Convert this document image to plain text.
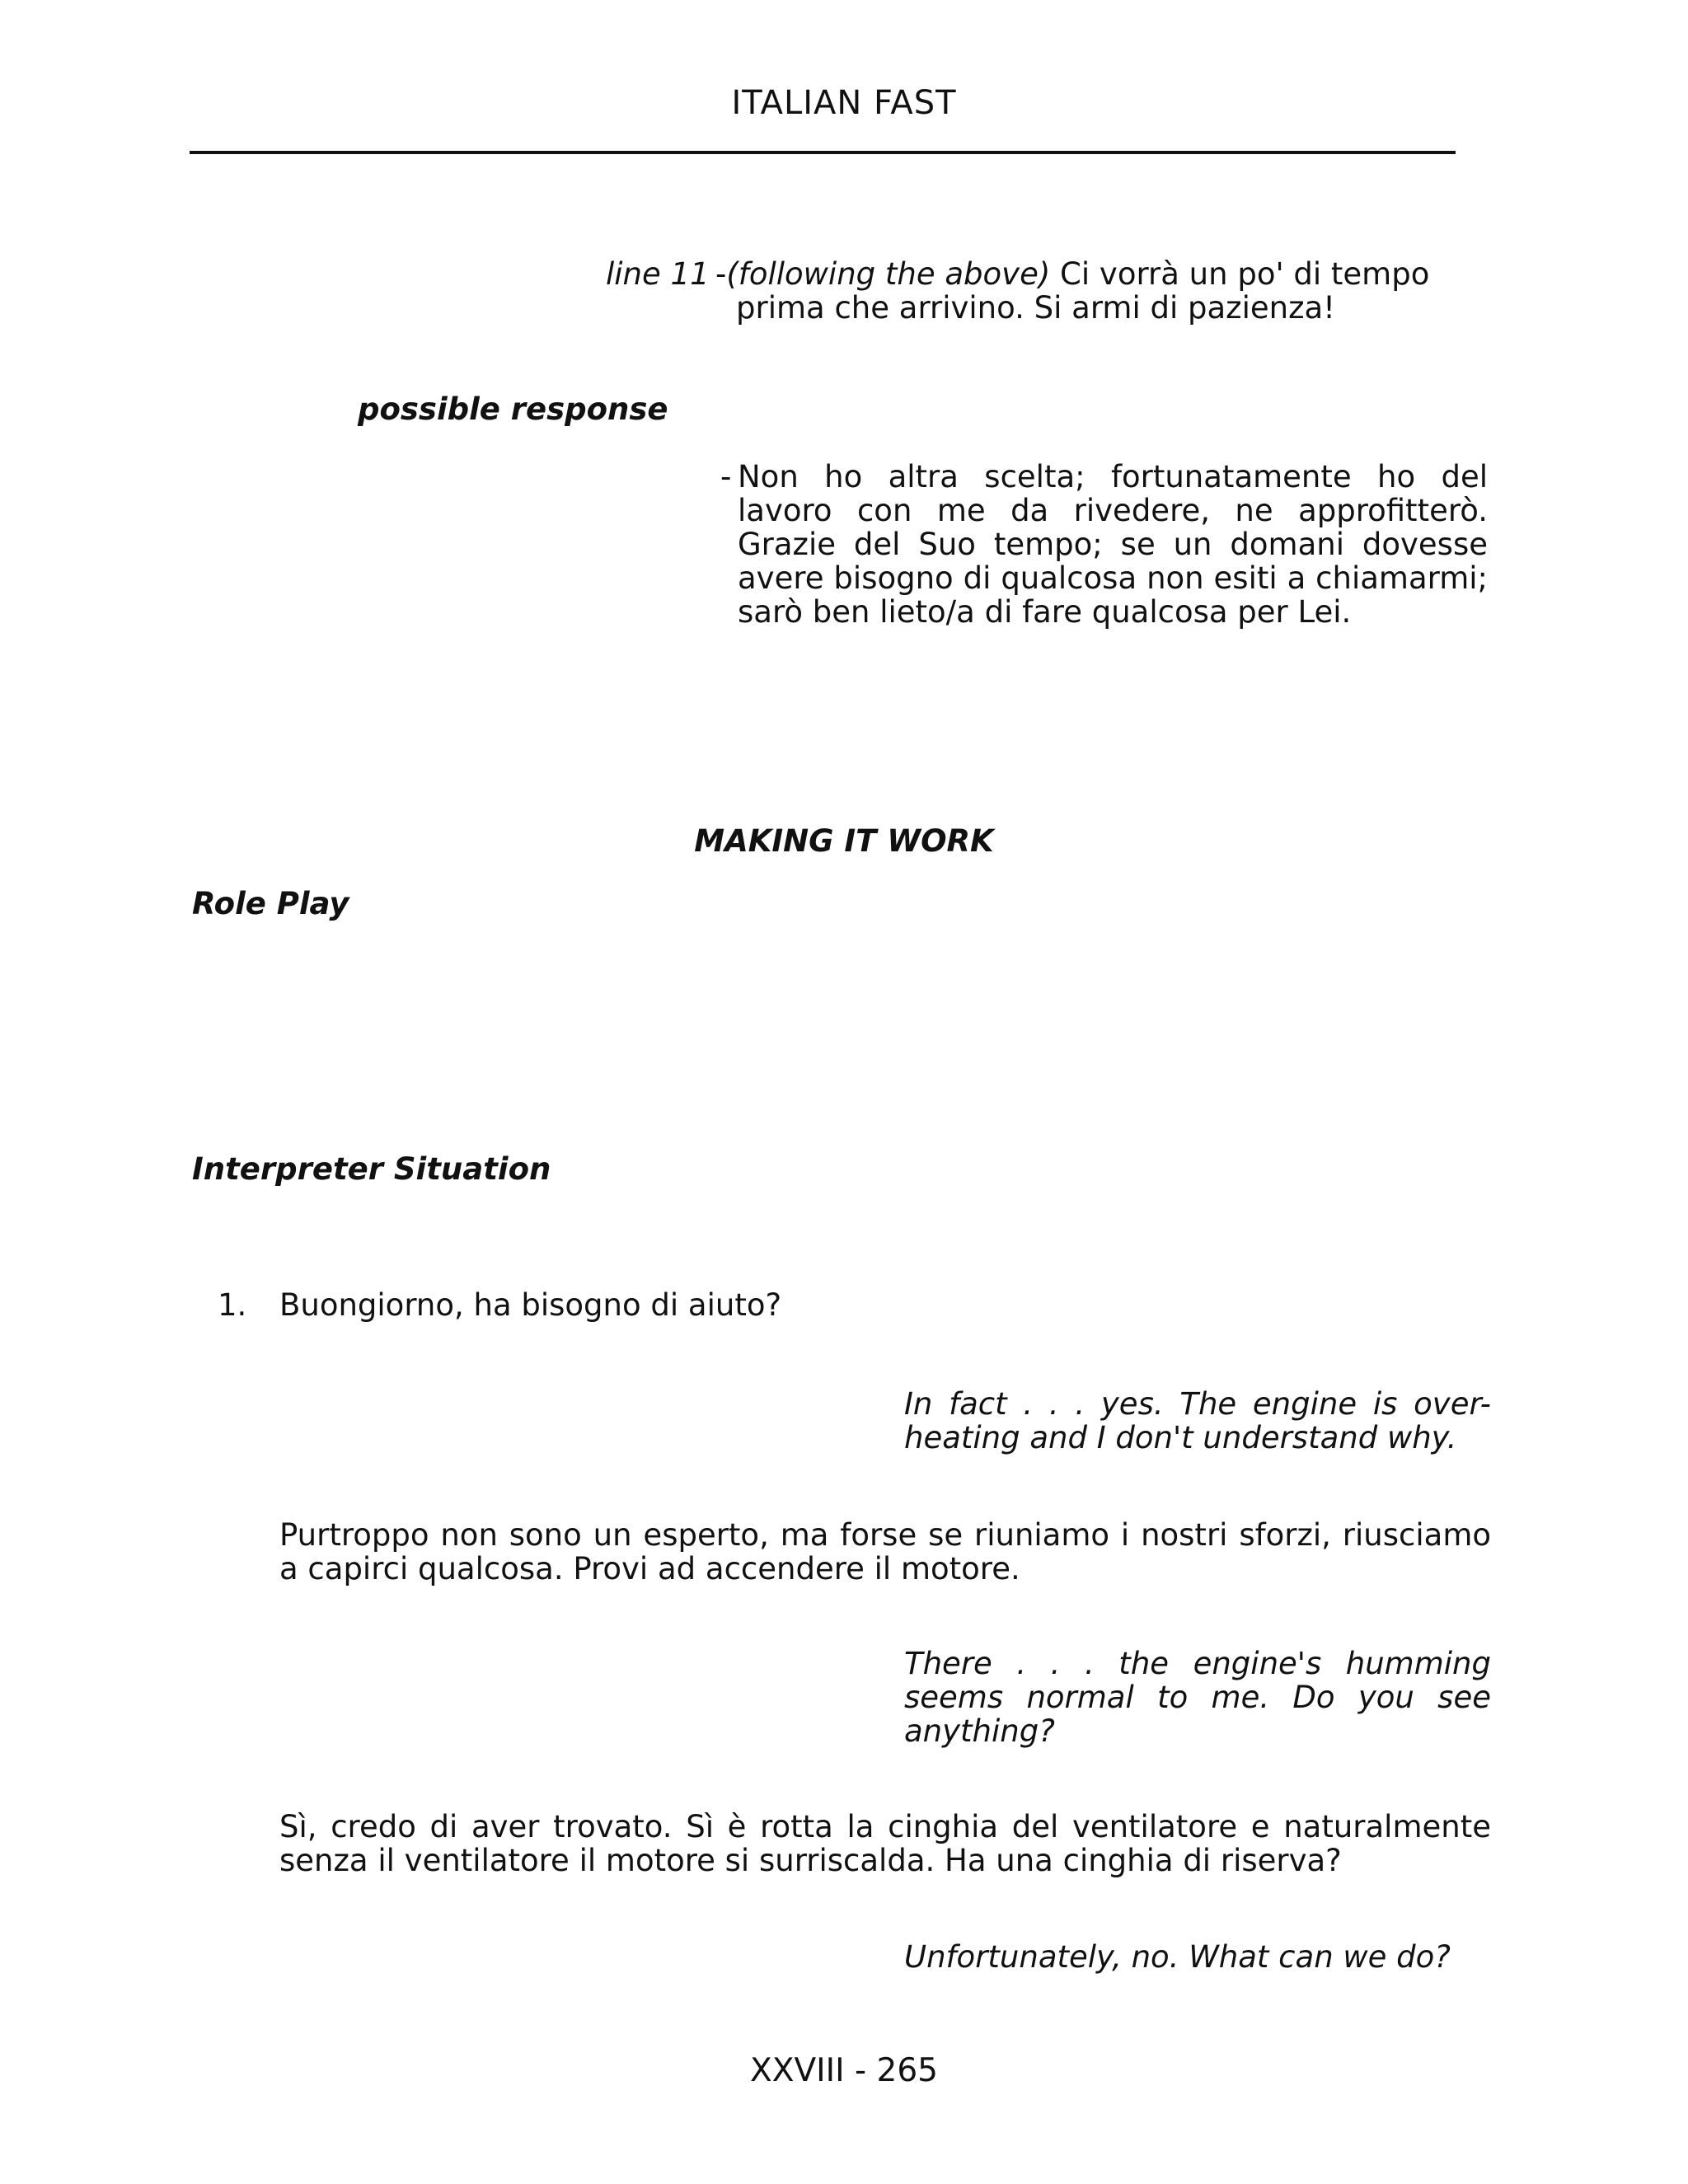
ITALIAN FAST
line 11 -(following the above) Ci vorrà un po' di tempo
prima che arrivino. Si armi di pazienza!
possible response
- Non ho altra scelta; fortunatamente ho del lavoro con me da rivedere, ne approfitterò. Grazie del Suo tempo; se un domani dovesse avere bisogno di qualcosa non esiti a chiamarmi; sarò ben lieto/a di fare qualcosa per Lei.
MAKING IT WORK
Role Play
Interpreter Situation
1. Buongiorno, ha bisogno di aiuto?
In fact . . . yes. The engine is over-heating and I don't understand why.
Purtroppo non sono un esperto, ma forse se riuniamo i nostri sforzi, riusciamo a capirci qualcosa. Provi ad accendere il motore.
There . . . the engine's humming seems normal to me. Do you see anything?
Sì, credo di aver trovato. Sì è rotta la cinghia del ventilatore e naturalmente senza il ventilatore il motore si surriscalda. Ha una cinghia di riserva?
Unfortunately, no. What can we do?
XXVIII - 265
